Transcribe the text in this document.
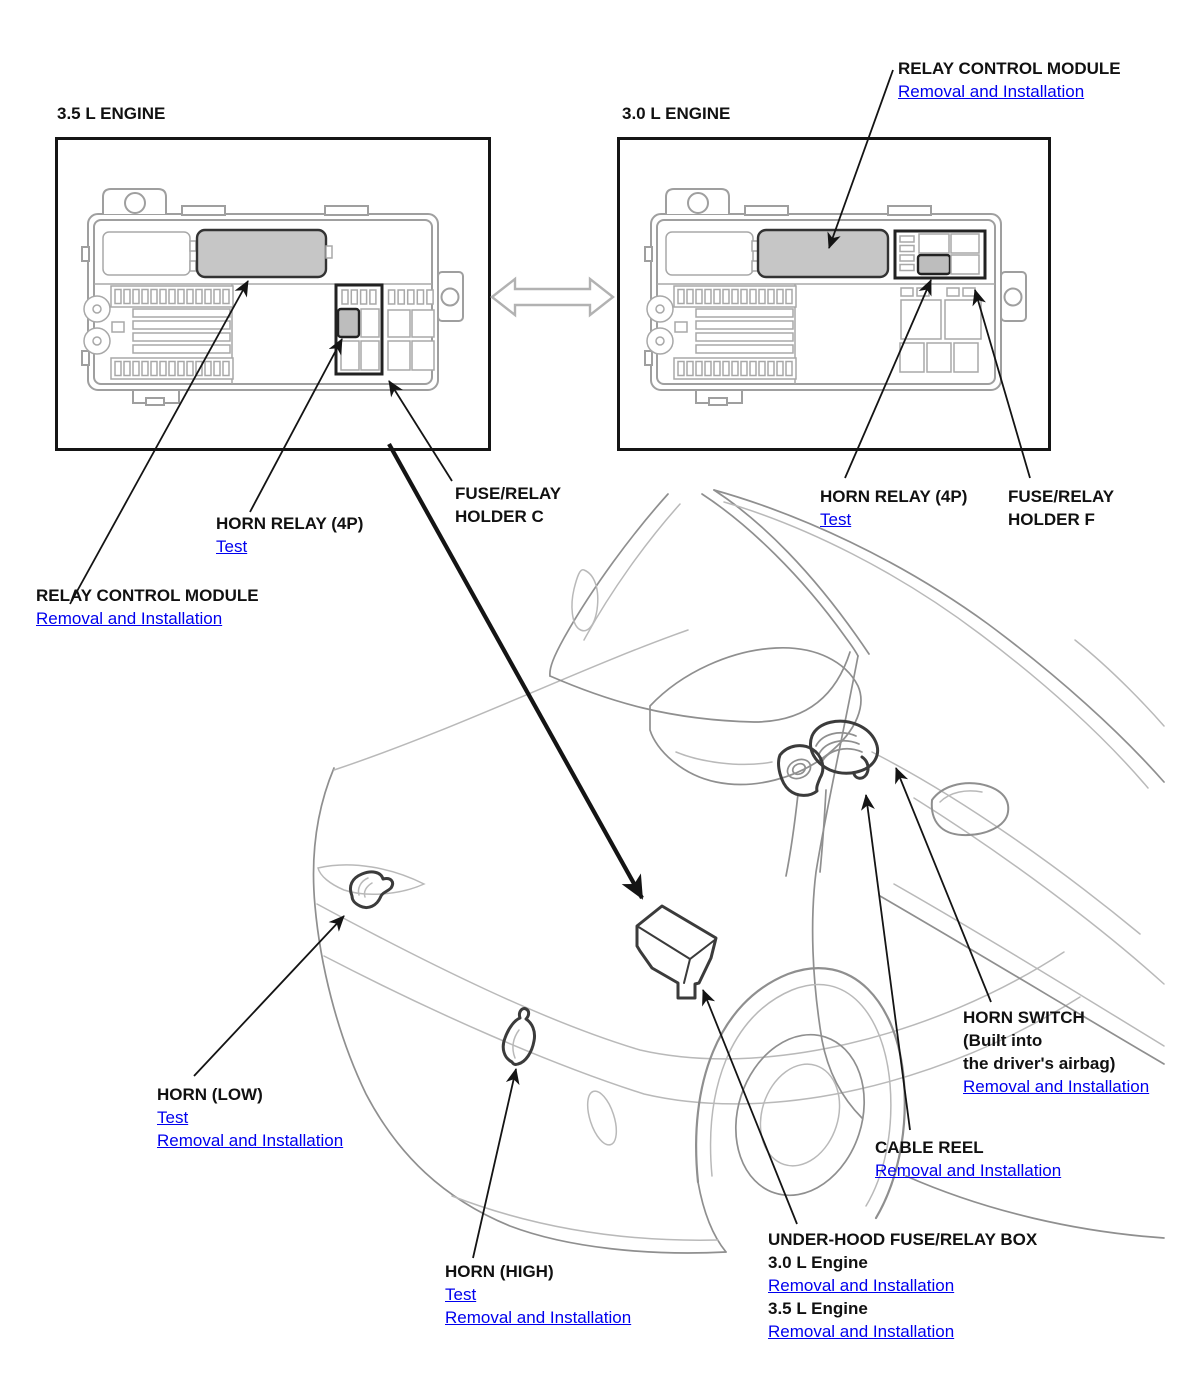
3.5 L ENGINE	3.0 L ENGINE
RELAY CONTROL MODULE
Removal and Installation
HORN RELAY (4P)
Test
FUSE/RELAY
HOLDER C
RELAY CONTROL MODULE
Removal and Installation
HORN RELAY (4P)
Test
FUSE/RELAY
HOLDER F
HORN (LOW)
Test
Removal and Installation
HORN (HIGH)
Test
Removal and Installation
HORN SWITCH
(Built into
the driver's airbag)
Removal and Installation
CABLE REEL
Removal and Installation
UNDER-HOOD FUSE/RELAY BOX
3.0 L Engine
Removal and Installation
3.5 L Engine
Removal and Installation
